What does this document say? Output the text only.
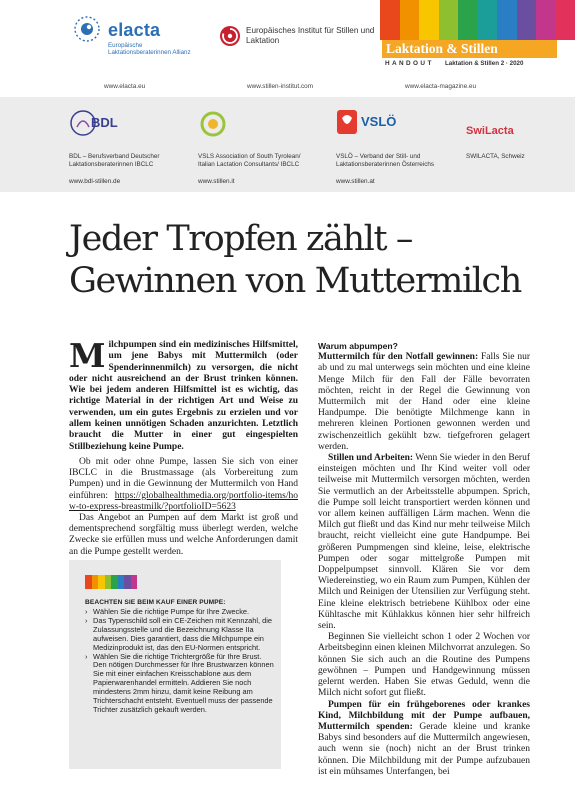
elacta
Europäische Laktationsberaterinnen Allianz
www.elacta.eu
Europäisches Institut für Stillen und Laktation
www.stillen-institut.com
Laktation & Stillen
HANDOUT Laktation & Stillen 2 · 2020
www.elacta-magazine.eu
BDL
BDL – Berufsverband Deutscher Laktationsberaterinnen IBCLC
www.bdl-stillen.de
VSLS Association of South Tyrolean/ Italian Lactation Consultants/ IBCLC
www.stillen.it
VSLÖ
VSLÖ – Verband der Still- und Laktationsberaterinnen Österreichs
www.stillen.at
SwiLacta
SWILACTA, Schweiz
Jeder Tropfen zählt –
Gewinnen von Muttermilch

Milchpumpen sind ein medizinisches Hilfsmittel, um jene Babys mit Muttermilch (oder Spenderinnenmilch) zu versorgen, die nicht oder nicht ausreichend an der Brust trinken können. Wie bei jedem anderen Hilfsmittel ist es wichtig, das richtige Material in der richtigen Art und Weise zu verwenden, um ein gutes Ergebnis zu erzielen und vor allem keinen unnötigen Schaden anzurichten. Letztlich braucht die Mutter in einer gut eingespielten Stillbeziehung keine Pumpe.

Ob mit oder ohne Pumpe, lassen Sie sich von einer IBCLC in die Brustmassage (als Vorbereitung zum Pumpen) und in die Gewinnung der Muttermilch von Hand einführen: https://globalhealthmedia.org/portfolio-items/how-to-express-breastmilk/?portfolioID=5623

Das Angebot an Pumpen auf dem Markt ist groß und dementsprechend sorgfältig muss überlegt werden, welche Zwecke sie erfüllen muss und welche Anforderungen damit an die Pumpe gestellt werden.

BEACHTEN SIE BEIM KAUF EINER PUMPE:
› Wählen Sie die richtige Pumpe für Ihre Zwecke.
› Das Typenschild soll ein CE-Zeichen mit Kennzahl, die Zulassungsstelle und die Bezeichnung Klasse IIa aufweisen. Dies garantiert, dass die Milchpumpe ein Medizinprodukt ist, das den EU-Normen entspricht.
› Wählen Sie die richtige Trichtergröße für Ihre Brust. Den nötigen Durchmesser für Ihre Brustwarzen können Sie mit einer einfachen Kreisschablone aus dem Papierwarenhandel ermitteln. Addieren Sie noch mindestens 2mm hinzu, damit keine Reibung am Trichterschacht entsteht. Eventuell muss der passende Trichter zusätzlich gekauft werden.

Warum abpumpen?

Muttermilch für den Notfall gewinnen: Falls Sie nur ab und zu mal unterwegs sein möchten und eine kleine Menge Milch für den Fall der Fälle bevorraten möchten, reicht in der Regel die Gewinnung von Muttermilch mit der Hand oder eine kleine Handpumpe. Die benötigte Milchmenge kann in mehreren kleinen Portionen gewonnen werden und zwischenzeitlich gekühlt bzw. tiefgefroren gelagert werden.

Stillen und Arbeiten: Wenn Sie wieder in den Beruf einsteigen möchten und Ihr Kind weiter voll oder teilweise mit Muttermilch versorgen möchten, werden Sie vermutlich an der Arbeitsstelle abpumpen. Sprich, die Pumpe soll leicht transportiert werden können und vor allem keinen auffälligen Lärm machen. Wenn die Milch gut fließt und das Kind nur mehr teilweise Milch braucht, reicht vielleicht eine gute Handpumpe. Bei größeren Pumpmengen sind kleine, leise, elektrische Pumpen oder sogar mittelgroße Pumpen mit Doppelpumpset sinnvoll. Klären Sie vor dem Wiedereinstieg, wo ein Raum zum Pumpen, Kühlen der Milch und Reinigen der Utensilien zur Verfügung steht. Eine kleine elektrisch betriebene Kühlbox oder eine Kühltasche mit Kühlakkus können hier sehr hilfreich sein.

Beginnen Sie vielleicht schon 1 oder 2 Wochen vor Arbeitsbeginn einen kleinen Milchvorrat anzulegen. So können Sie sich auch an die Routine des Pumpens gewöhnen – Pumpen und Handgewinnung müssen gelernt werden. Haben Sie etwas Geduld, wenn die Milch nicht sofort gut fließt.

Pumpen für ein frühgeborenes oder krankes Kind, Milchbildung mit der Pumpe aufbauen, Muttermilch spenden: Gerade kleine und kranke Babys sind besonders auf die Muttermilch angewiesen, auch wenn sie (noch) nicht an der Brust trinken können. Die Milchbildung mit der Pumpe aufzubauen ist ein mühsames Unterfangen, bei
